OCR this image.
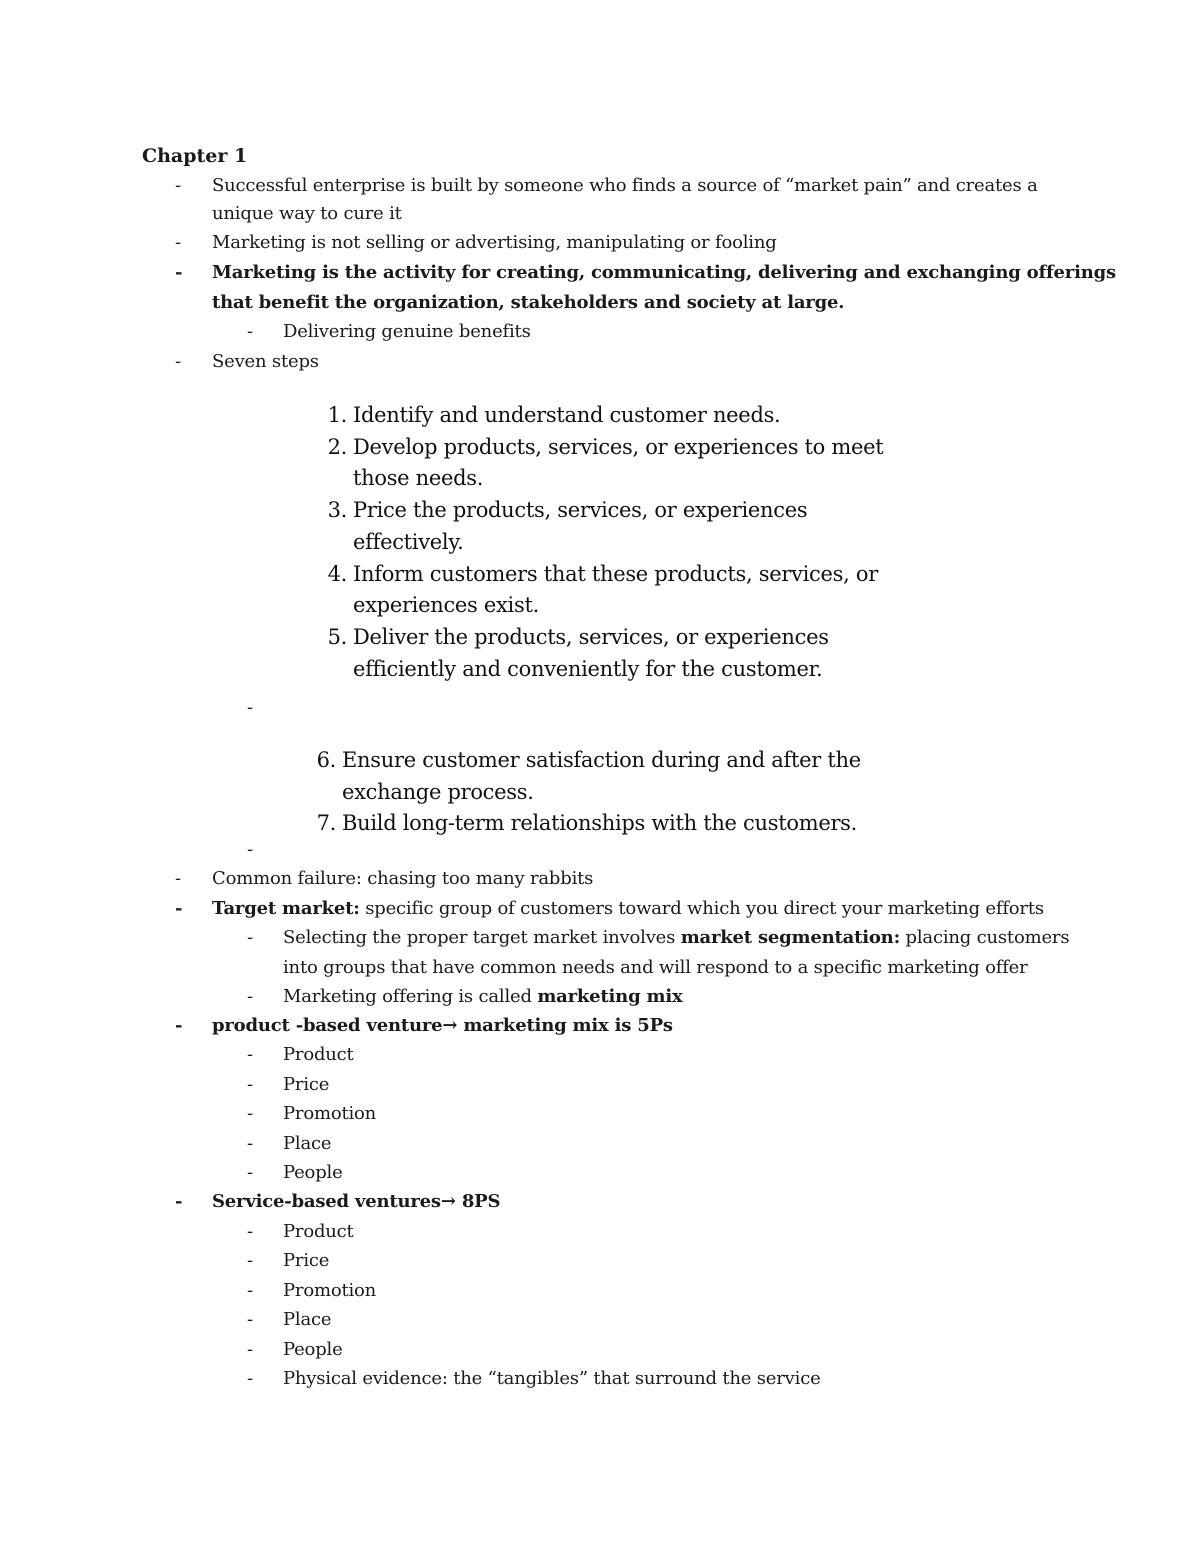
Chapter 1
- Successful enterprise is built by someone who finds a source of “market pain” and creates a
unique way to cure it
- Marketing is not selling or advertising, manipulating or fooling
- Marketing is the activity for creating, communicating, delivering and exchanging offerings
that benefit the organization, stakeholders and society at large.
- Delivering genuine benefits
- Seven steps
1. Identify and understand customer needs.
2. Develop products, services, or experiences to meet
those needs.
3. Price the products, services, or experiences
effectively.
4. Inform customers that these products, services, or
experiences exist.
5. Deliver the products, services, or experiences
efficiently and conveniently for the customer.
-
6. Ensure customer satisfaction during and after the
exchange process.
7. Build long-term relationships with the customers.
-
- Common failure: chasing too many rabbits
- Target market: specific group of customers toward which you direct your marketing efforts
- Selecting the proper target market involves market segmentation: placing customers
into groups that have common needs and will respond to a specific marketing offer
- Marketing offering is called marketing mix
- product -based venture→ marketing mix is 5Ps
- Product
- Price
- Promotion
- Place
- People
- Service-based ventures→ 8PS
- Product
- Price
- Promotion
- Place
- People
- Physical evidence: the “tangibles” that surround the service
